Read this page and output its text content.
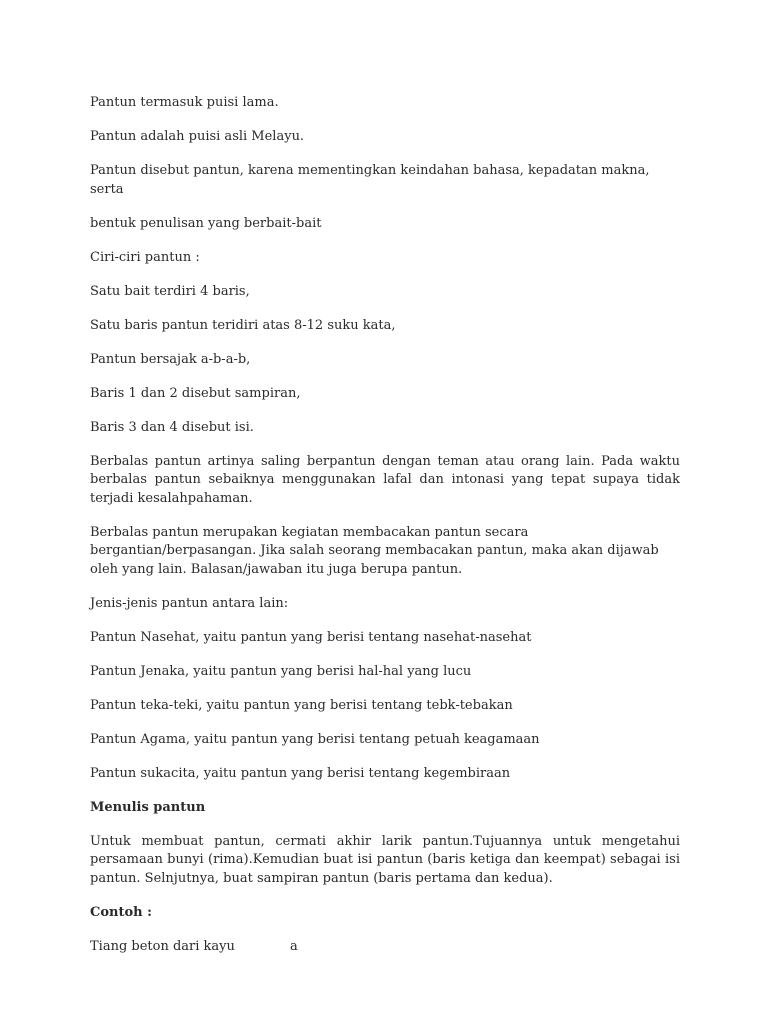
Pantun termasuk puisi lama.

Pantun adalah puisi asli Melayu.

Pantun disebut pantun, karena mementingkan keindahan bahasa, kepadatan makna, serta

bentuk penulisan yang berbait-bait

Ciri-ciri pantun :

Satu bait terdiri 4 baris,

Satu baris pantun teridiri atas 8-12 suku kata,

Pantun bersajak a-b-a-b,

Baris 1 dan 2 disebut sampiran,

Baris 3 dan 4 disebut isi.

Berbalas pantun artinya saling berpantun dengan teman atau orang lain. Pada waktu berbalas pantun sebaiknya menggunakan lafal dan intonasi yang tepat supaya tidak terjadi kesalahpahaman.

Berbalas pantun merupakan kegiatan membacakan pantun secara bergantian/berpasangan. Jika salah seorang membacakan pantun, maka akan dijawab oleh yang lain. Balasan/jawaban itu juga berupa pantun.

Jenis-jenis pantun antara lain:

Pantun Nasehat, yaitu pantun yang berisi tentang nasehat-nasehat

Pantun Jenaka, yaitu pantun yang berisi hal-hal yang lucu

Pantun teka-teki, yaitu pantun yang berisi tentang tebk-tebakan

Pantun Agama, yaitu pantun yang berisi tentang petuah keagamaan

Pantun sukacita, yaitu pantun yang berisi tentang kegembiraan

Menulis pantun

Untuk membuat pantun, cermati akhir larik pantun.Tujuannya untuk mengetahui persamaan bunyi (rima).Kemudian buat isi pantun (baris ketiga dan keempat) sebagai isi pantun. Selnjutnya, buat sampiran pantun (baris pertama dan kedua).

Contoh :

Tiang beton dari kayu	a
